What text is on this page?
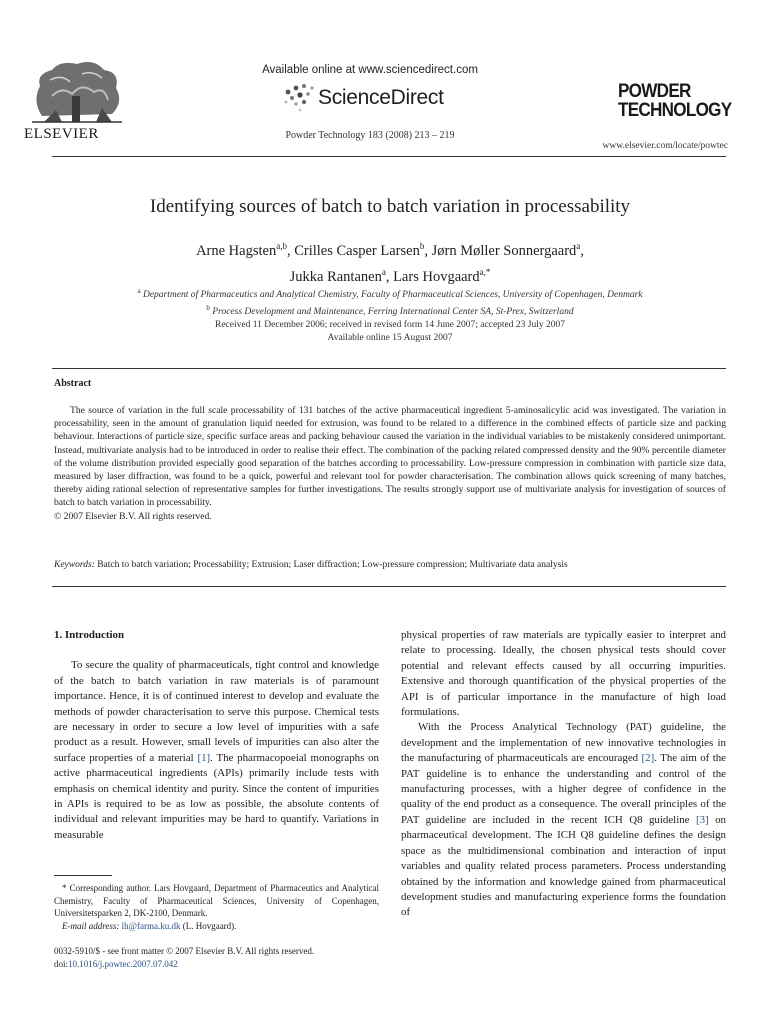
ELSEVIER
Available online at www.sciencedirect.com
ScienceDirect
Powder Technology 183 (2008) 213 – 219
POWDER
TECHNOLOGY
www.elsevier.com/locate/powtec
Identifying sources of batch to batch variation in processability
Arne Hagsten$^{a,b}$, Crilles Casper Larsen$^b$, Jørn Møller Sonnergaard$^a$,
Jukka Rantanen$^a$, Lars Hovgaard$^{a,*}$
$^a$ Department of Pharmaceutics and Analytical Chemistry, Faculty of Pharmaceutical Sciences, University of Copenhagen, Denmark
$^b$ Process Development and Maintenance, Ferring International Center SA, St-Prex, Switzerland
Received 11 December 2006; received in revised form 14 June 2007; accepted 23 July 2007
Available online 15 August 2007
Abstract
The source of variation in the full scale processability of 131 batches of the active pharmaceutical ingredient 5-aminosalicylic acid was investigated. The variation in processability, seen in the amount of granulation liquid needed for extrusion, was found to be related to a difference in the combined effects of particle size and packing behaviour. Interactions of particle size, specific surface areas and packing behaviour caused the variation in the individual variables to be mistakenly considered unimportant. Instead, multivariate analysis had to be introduced in order to realise their effect. The combination of the packing related compressed density and the 90% percentile diameter of the volume distribution provided especially good separation of the batches according to processability. Low-pressure compression in combination with particle size data, measured by laser diffraction, was found to be a quick, powerful and relevant tool for powder characterisation. The combination allows quick screening of many batches, thereby aiding rational selection of representative samples for further investigations. The results strongly support use of multivariate analysis for investigation of sources of batch to batch variation in processability.
© 2007 Elsevier B.V. All rights reserved.
Keywords: Batch to batch variation; Processability; Extrusion; Laser diffraction; Low-pressure compression; Multivariate data analysis
1. Introduction

To secure the quality of pharmaceuticals, tight control and knowledge of the batch to batch variation in raw materials is of paramount importance. Hence, it is of continued interest to develop and evaluate the methods of powder characterisation to serve this purpose. Chemical tests are necessary in order to secure a low level of impurities with a safe product as a result. However, small levels of impurities can also alter the surface properties of a material [1]. The pharmacopoeial monographs on active pharmaceutical ingredients (APIs) primarily include tests with emphasis on chemical identity and purity. Since the content of impurities in APIs is required to be as low as possible, the absolute contents of individual and relevant impurities may be hard to quantify. Variations in measurable

* Corresponding author. Lars Hovgaard, Department of Pharmaceutics and Analytical Chemistry, Faculty of Pharmaceutical Sciences, University of Copenhagen, Universitetsparken 2, DK-2100, Denmark.
E-mail address: lh@farma.ku.dk (L. Hovgaard).
0032-5910/$ - see front matter © 2007 Elsevier B.V. All rights reserved.
doi:10.1016/j.powtec.2007.07.042

physical properties of raw materials are typically easier to interpret and relate to processing. Ideally, the chosen physical tests should cover potential and relevant effects caused by all occurring impurities. Extensive and thorough quantification of the physical properties of the API is of particular importance in the manufacture of high load formulations.

With the Process Analytical Technology (PAT) guideline, the development and the implementation of new innovative technologies in the manufacturing of pharmaceuticals are encouraged [2]. The aim of the PAT guideline is to enhance the understanding and control of the manufacturing processes, with a higher degree of confidence in the quality of the end product as a consequence. The overall principles of the PAT guideline are included in the recent ICH Q8 guideline [3] on pharmaceutical development. The ICH Q8 guideline defines the design space as the multidimensional combination and interaction of input variables and quality related process parameters. Process understanding obtained by the information and knowledge gained from pharmaceutical development studies and manufacturing experience forms the foundation of
